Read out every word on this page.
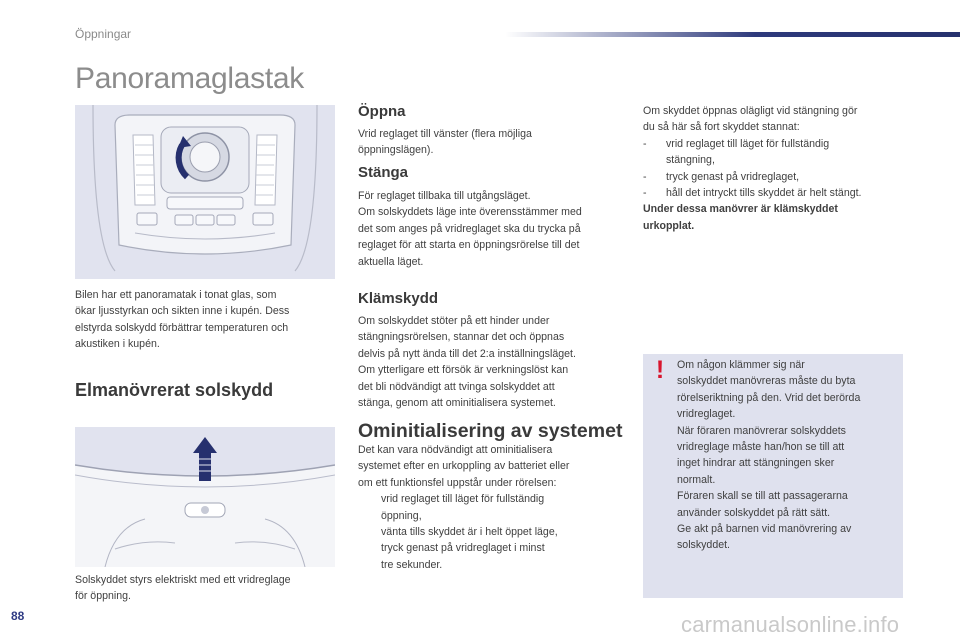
Öppningar
Panoramaglastak
Bilen har ett panoramatak i tonat glas, som
ökar ljusstyrkan och sikten inne i kupén. Dess
elstyrda solskydd förbättrar temperaturen och
akustiken i kupén.
Elmanövrerat solskydd
Solskyddet styrs elektriskt med ett vridreglage
för öppning.
Öppna
Vrid reglaget till vänster (flera möjliga
öppningslägen).
Stänga
För reglaget tillbaka till utgångsläget.
Om solskyddets läge inte överensstämmer med
det som anges på vridreglaget ska du trycka på
reglaget för att starta en öppningsrörelse till det
aktuella läget.
Klämskydd
Om solskyddet stöter på ett hinder under
stängningsrörelsen, stannar det och öppnas
delvis på nytt ända till det 2:a inställningsläget.
Om ytterligare ett försök är verkningslöst kan
det bli nödvändigt att tvinga solskyddet att
stänga, genom att ominitialisera systemet.
Ominitialisering av systemet
Det kan vara nödvändigt att ominitialisera
systemet efter en urkoppling av batteriet eller
om ett funktionsfel uppstår under rörelsen:
vrid reglaget till läget för fullständig
öppning,
vänta tills skyddet är i helt öppet läge,
tryck genast på vridreglaget i minst
tre sekunder.
Om skyddet öppnas olägligt vid stängning gör
du så här så fort skyddet stannat:
-	vrid reglaget till läget för fullständig
stängning,
-	tryck genast på vridreglaget,
-	håll det intryckt tills skyddet är helt stängt.
Under dessa manövrer är klämskyddet
urkopplat.
!	Om någon klämmer sig när
solskyddet manövreras måste du byta
rörelseriktning på den. Vrid det berörda
vridreglaget.
När föraren manövrerar solskyddets
vridreglage måste han/hon se till att
inget hindrar att stängningen sker
normalt.
Föraren skall se till att passagerarna
använder solskyddet på rätt sätt.
Ge akt på barnen vid manövrering av
solskyddet.
88	carmanualsonline.info
